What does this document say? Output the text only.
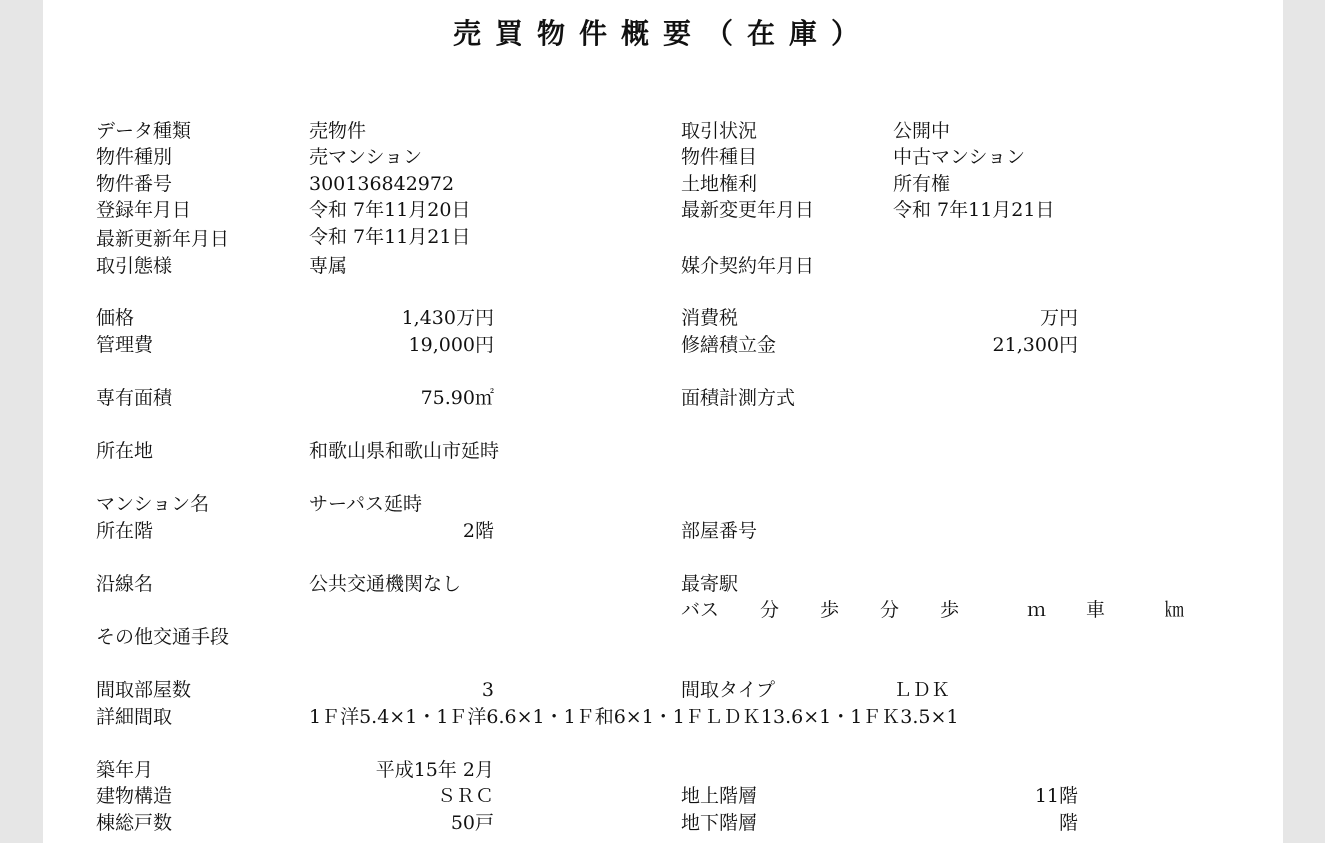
売買物件概要（在庫）
データ種類
物件種別
物件番号
登録年月日
最新更新年月日
取引態様
価格
管理費
専有面積
所在地
マンション名
所在階
沿線名
その他交通手段
間取部屋数
詳細間取
築年月
建物構造
棟総戸数
売物件
売マンション
300136842972
令和 7年11月20日
令和 7年11月21日
専属
1,430万円
19,000円
75.90㎡
和歌山県和歌山市延時
サーパス延時
2階
公共交通機関なし
3
1Ｆ洋5.4×1・1Ｆ洋6.6×1・1Ｆ和6×1・1ＦＬＤＫ13.6×1・1ＦＫ3.5×1
平成15年 2月
ＳＲＣ
50戸
取引状況
物件種目
土地権利
最新変更年月日
媒介契約年月日
消費税
修繕積立金
面積計測方式
部屋番号
最寄駅
間取タイプ
地上階層
地下階層
公開中
中古マンション
所有権
令和 7年11月21日
万円
21,300円
ＬＤＫ
11階
階
バス 分 歩 分 歩	ｍ 車	㎞
